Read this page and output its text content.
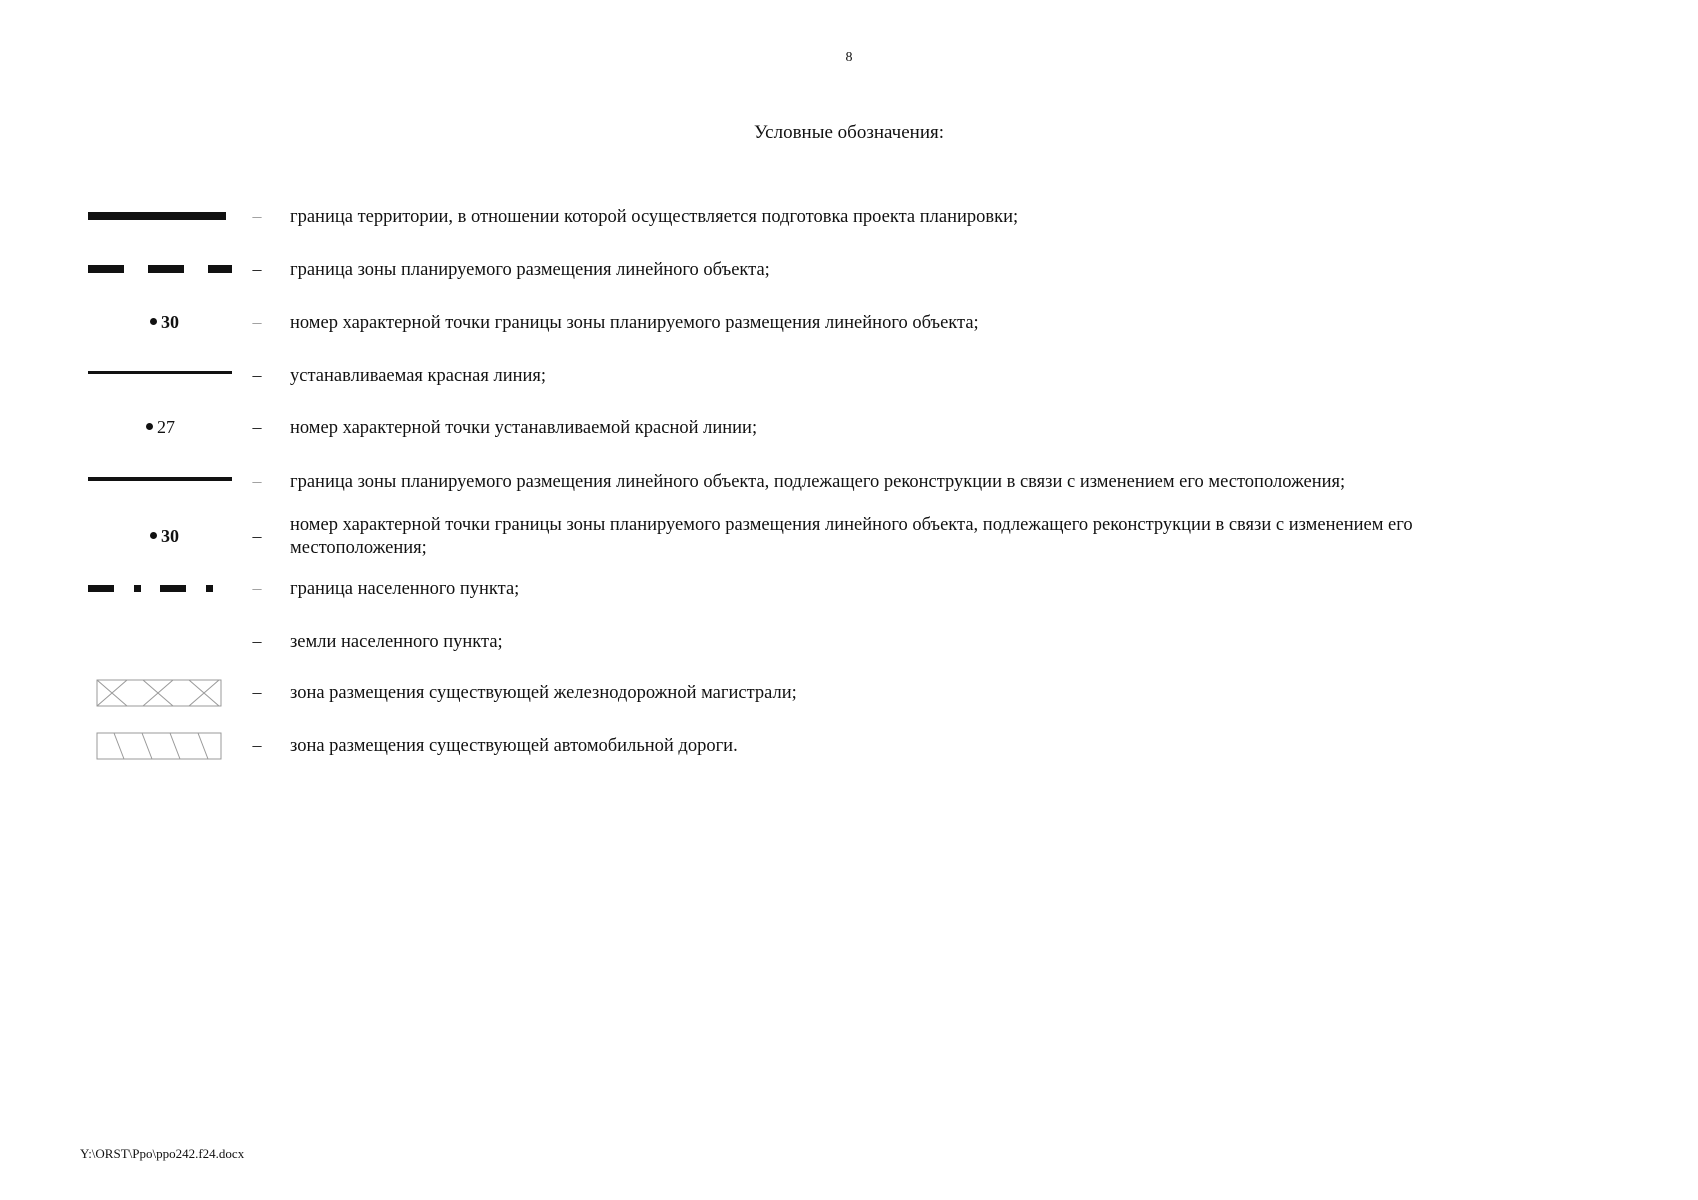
8
Условные обозначения:
– граница территории, в отношении которой осуществляется подготовка проекта планировки;
– граница зоны планируемого размещения линейного объекта;
30	– номер характерной точки границы зоны планируемого размещения линейного объекта;
– устанавливаемая красная линия;
27	– номер характерной точки устанавливаемой красной линии;
– граница зоны планируемого размещения линейного объекта, подлежащего реконструкции в связи с изменением его местоположения;
30	–
номер характерной точки границы зоны планируемого размещения линейного объекта, подлежащего реконструкции в связи с изменением его местоположения;
– граница населенного пункта;
– земли населенного пункта;
– зона размещения существующей железнодорожной магистрали;
– зона размещения существующей автомобильной дороги.
Y:\ORST\Ppo\ppo242.f24.docx
